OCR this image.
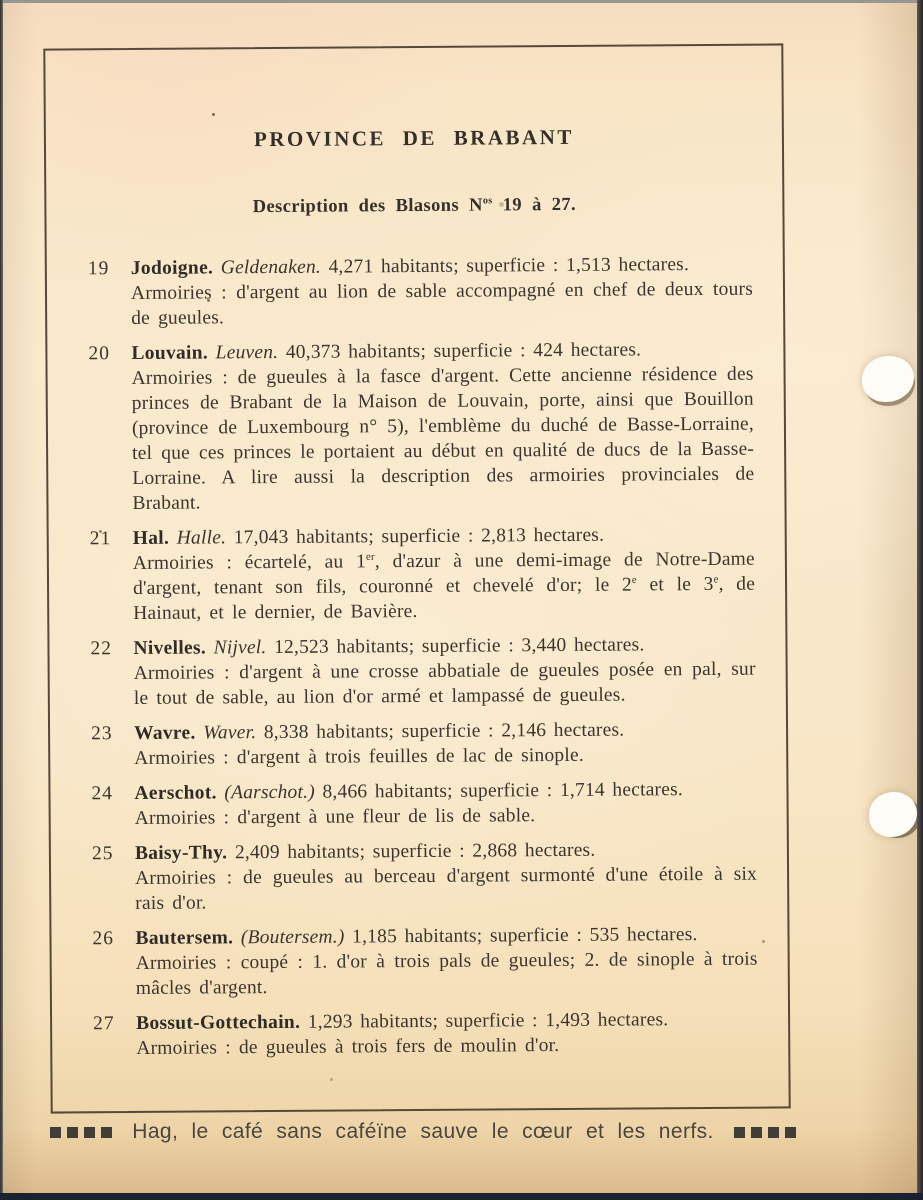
PROVINCE DE BRABANT
Description des Blasons $N^{os}$ 19 à 27.
19 Jodoigne. Geldenaken. 4,271 habitants; superficie : 1,513 hectares.

Armoiries : d'argent au lion de sable accompagné en chef de deux tours de gueules.

20 Louvain. Leuven. 40,373 habitants; superficie : 424 hectares.

Armoiries : de gueules à la fasce d'argent. Cette ancienne résidence des princes de Brabant de la Maison de Louvain, porte, ainsi que Bouillon (province de Luxembourg n° 5), l'emblème du duché de Basse-Lorraine, tel que ces princes le portaient au début en qualité de ducs de la Basse-Lorraine. A lire aussi la description des armoiries provinciales de Brabant.

21 Hal. Halle. 17,043 habitants; superficie : 2,813 hectares.

Armoiries : écartelé, au 1er, d'azur à une demi-image de Notre-Dame d'argent, tenant son fils, couronné et chevelé d'or; le 2e et le 3e, de Hainaut, et le dernier, de Bavière.

22 Nivelles. Nijvel. 12,523 habitants; superficie : 3,440 hectares.

Armoiries : d'argent à une crosse abbatiale de gueules posée en pal, sur le tout de sable, au lion d'or armé et lampassé de gueules.

23 Wavre. Waver. 8,338 habitants; superficie : 2,146 hectares.

Armoiries : d'argent à trois feuilles de lac de sinople.

24 Aerschot. (Aarschot.) 8,466 habitants; superficie : 1,714 hectares.

Armoiries : d'argent à une fleur de lis de sable.

25 Baisy-Thy. 2,409 habitants; superficie : 2,868 hectares.

Armoiries : de gueules au berceau d'argent surmonté d'une étoile à six rais d'or.

26 Bautersem. (Boutersem.) 1,185 habitants; superficie : 535 hectares.

Armoiries : coupé : 1. d'or à trois pals de gueules; 2. de sinople à trois mâcles d'argent.

27 Bossut-Gottechain. 1,293 habitants; superficie : 1,493 hectares.

Armoiries : de gueules à trois fers de moulin d'or.

Hag, le café sans caféïne sauve le cœur et les nerfs.
